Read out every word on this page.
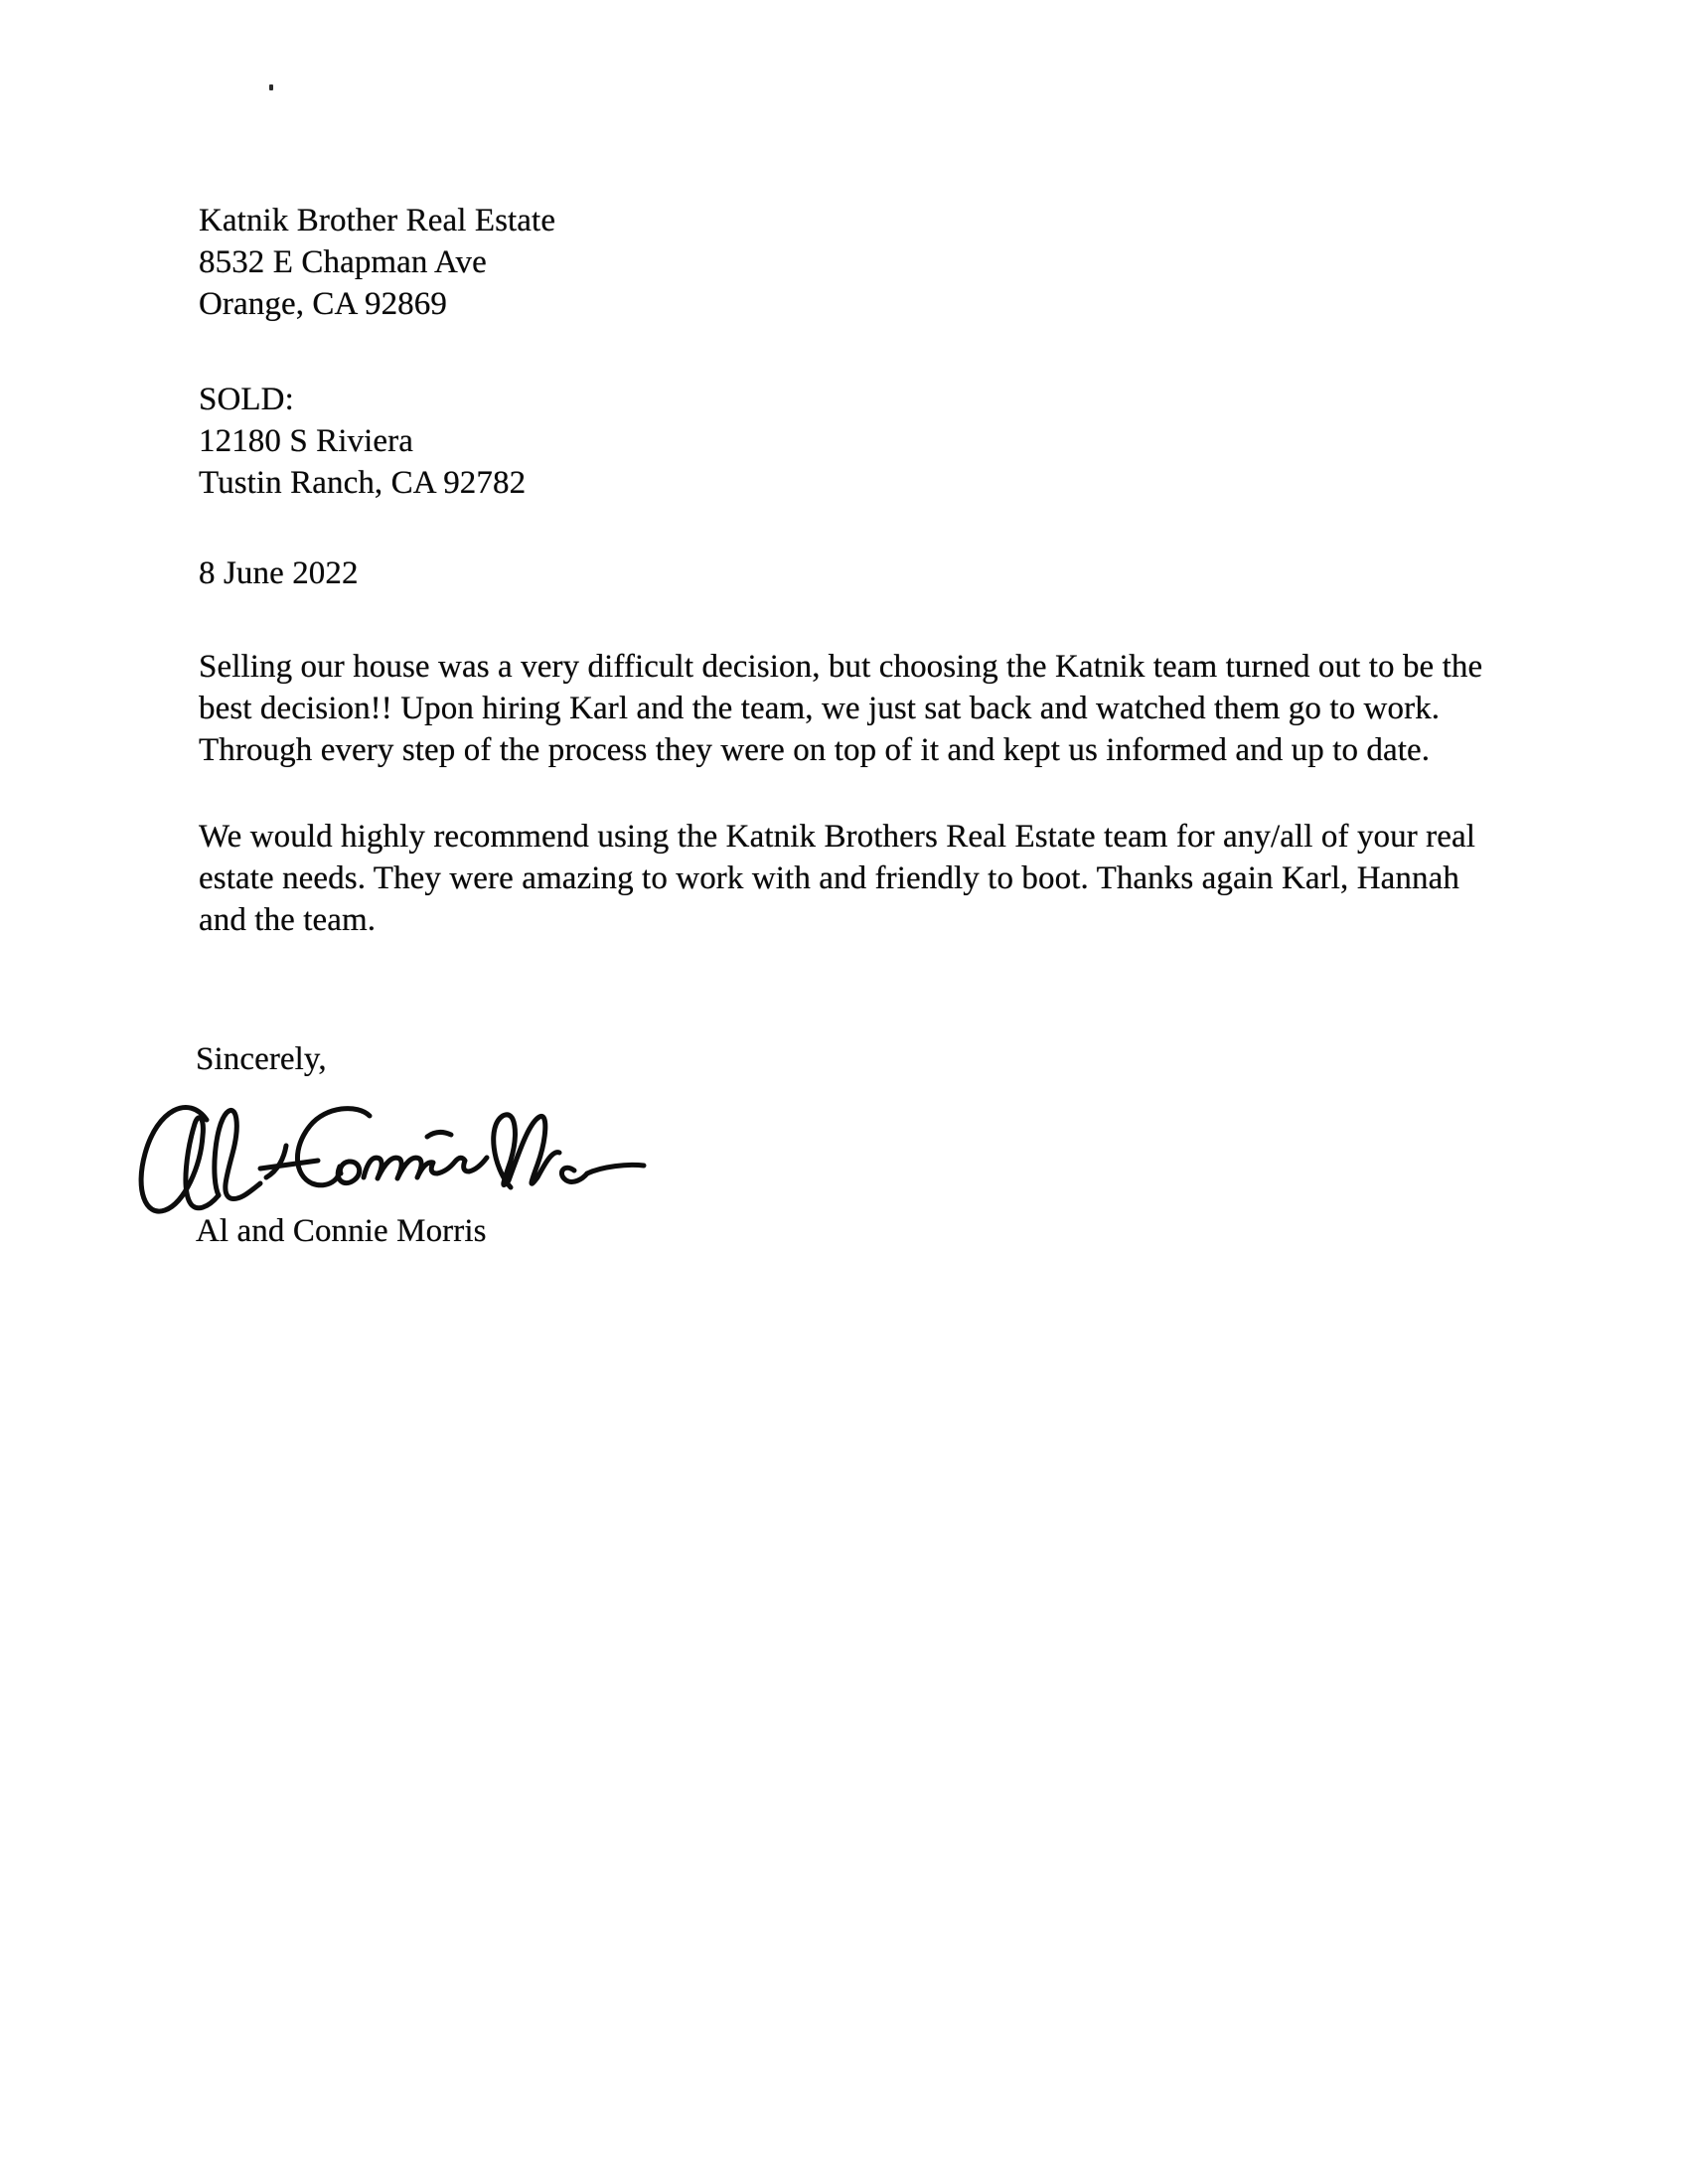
Katnik Brother Real Estate
8532 E Chapman Ave
Orange, CA 92869
SOLD:
12180 S Riviera
Tustin Ranch, CA 92782
8 June 2022
Selling our house was a very difficult decision, but choosing the Katnik team turned out to be the
best decision!! Upon hiring Karl and the team, we just sat back and watched them go to work.
Through every step of the process they were on top of it and kept us informed and up to date.
We would highly recommend using the Katnik Brothers Real Estate team for any/all of your real
estate needs. They were amazing to work with and friendly to boot. Thanks again Karl, Hannah
and the team.
Sincerely,
Al and Connie Morris
